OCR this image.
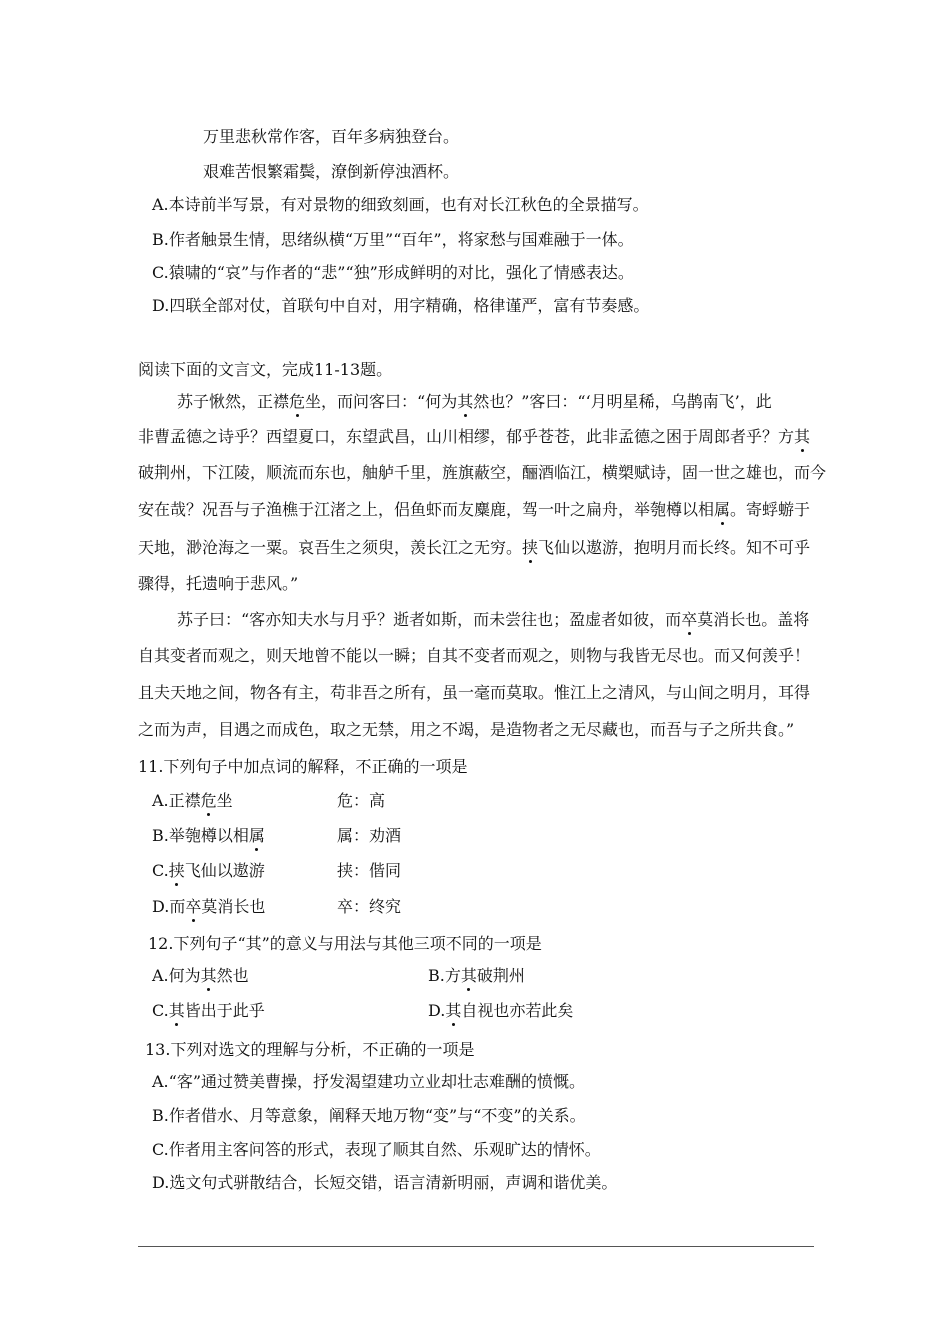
万里悲秋常作客，百年多病独登台。
艰难苦恨繁霜鬓，潦倒新停浊酒杯。
A.本诗前半写景，有对景物的细致刻画，也有对长江秋色的全景描写。
B.作者触景生情，思绪纵横“万里”“百年”，将家愁与国难融于一体。
C.猿啸的“哀”与作者的“悲”“独”形成鲜明的对比，强化了情感表达。
D.四联全部对仗，首联句中自对，用字精确，格律谨严，富有节奏感。
阅读下面的文言文，完成11-13题。
苏子愀然，正襟危坐，而问客曰：“何为其然也？”客曰：“‘月明星稀，乌鹊南飞’，此
非曹孟德之诗乎？西望夏口，东望武昌，山川相缪，郁乎苍苍，此非孟德之困于周郎者乎？方其
破荆州，下江陵，顺流而东也，舳舻千里，旌旗蔽空，酾酒临江，横槊赋诗，固一世之雄也，而今
安在哉？况吾与子渔樵于江渚之上，侣鱼虾而友麋鹿，驾一叶之扁舟，举匏樽以相属。寄蜉蝣于
天地，渺沧海之一粟。哀吾生之须臾，羡长江之无穷。挟飞仙以遨游，抱明月而长终。知不可乎
骤得，托遗响于悲风。”
苏子曰：“客亦知夫水与月乎？逝者如斯，而未尝往也；盈虚者如彼，而卒莫消长也。盖将
自其变者而观之，则天地曾不能以一瞬；自其不变者而观之，则物与我皆无尽也。而又何羡乎！
且夫天地之间，物各有主，苟非吾之所有，虽一毫而莫取。惟江上之清风，与山间之明月，耳得
之而为声，目遇之而成色，取之无禁，用之不竭，是造物者之无尽藏也，而吾与子之所共食。”
11.下列句子中加点词的解释，不正确的一项是
A.正襟危坐	危：高
B.举匏樽以相属	属：劝酒
C.挟飞仙以遨游	挟：偕同
D.而卒莫消长也	卒：终究
12.下列句子“其”的意义与用法与其他三项不同的一项是
A.何为其然也	B.方其破荆州
C.其皆出于此乎	D.其自视也亦若此矣
13.下列对选文的理解与分析，不正确的一项是
A.“客”通过赞美曹操，抒发渴望建功立业却壮志难酬的愤慨。
B.作者借水、月等意象，阐释天地万物“变”与“不变”的关系。
C.作者用主客问答的形式，表现了顺其自然、乐观旷达的情怀。
D.选文句式骈散结合，长短交错，语言清新明丽，声调和谐优美。
